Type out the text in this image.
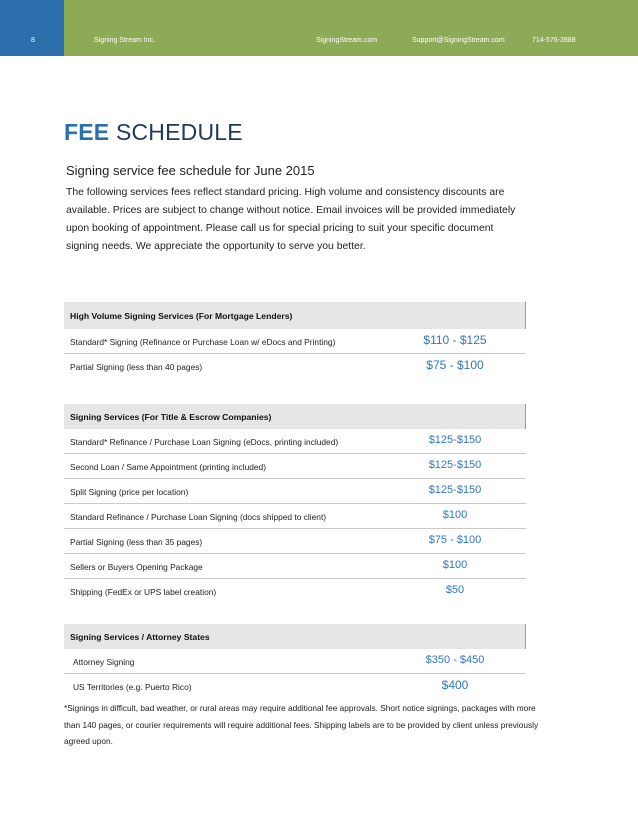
8	Signing Stream Inc.	SigningStream.com	Support@SigningStream.com	714-576-2888
FEE SCHEDULE
Signing service fee schedule for June 2015
The following services fees reflect standard pricing. High volume and consistency discounts are available. Prices are subject to change without notice. Email invoices will be provided immediately upon booking of appointment. Please call us for special pricing to suit your specific document signing needs. We appreciate the opportunity to serve you better.
High Volume Signing Services (For Mortgage Lenders)
Standard* Signing (Refinance or Purchase Loan w/ eDocs and Printing)	$110 - $125
Partial Signing (less than 40 pages)	$75 - $100
Signing Services (For Title & Escrow Companies)
Standard* Refinance / Purchase Loan Signing (eDocs, printing included)	$125-$150
Second Loan / Same Appointment (printing included)	$125-$150
Split Signing (price per location)	$125-$150
Standard Refinance / Purchase Loan Signing (docs shipped to client)	$100
Partial Signing (less than 35 pages)	$75 - $100
Sellers or Buyers Opening Package	$100
Shipping (FedEx or UPS label creation)	$50
Signing Services / Attorney States
Attorney Signing	$350 - $450
US Territories (e.g. Puerto Rico)	$400
*Signings in difficult, bad weather, or rural areas may require additional fee approvals. Short notice signings, packages with more than 140 pages, or courier requirements will require additional fees. Shipping labels are to be provided by client unless previously agreed upon.
